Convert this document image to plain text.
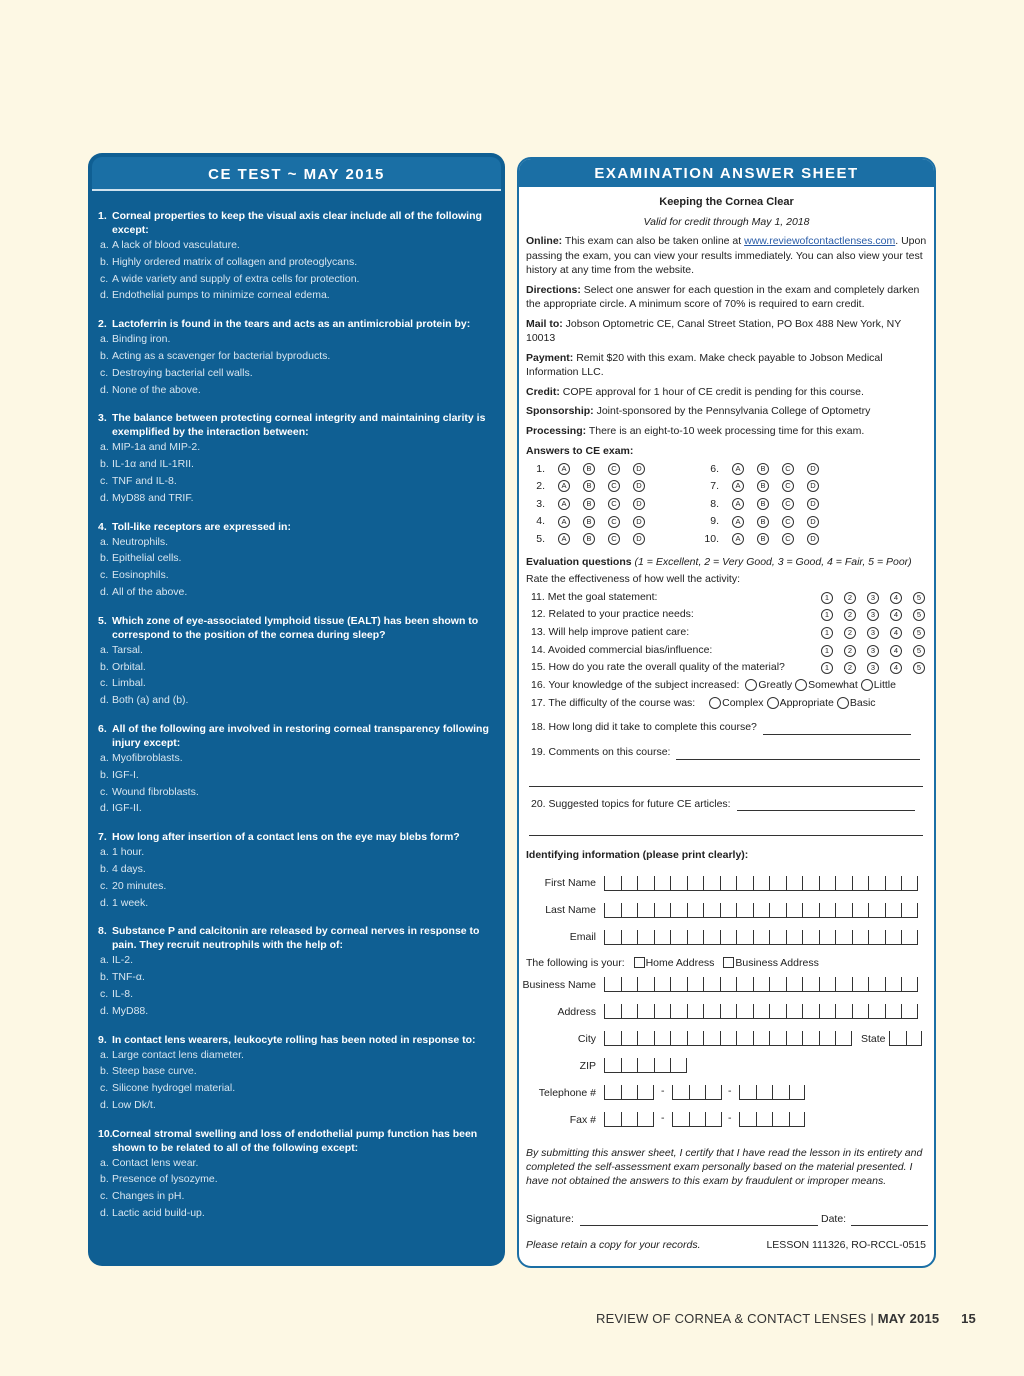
CE TEST ~ MAY 2015
1. Corneal properties to keep the visual axis clear include all of the following except:
a. A lack of blood vasculature.
b. Highly ordered matrix of collagen and proteoglycans.
c. A wide variety and supply of extra cells for protection.
d. Endothelial pumps to minimize corneal edema.
2. Lactoferrin is found in the tears and acts as an antimicrobial protein by:
a. Binding iron.
b. Acting as a scavenger for bacterial byproducts.
c. Destroying bacterial cell walls.
d. None of the above.
3. The balance between protecting corneal integrity and maintaining clarity is exemplified by the interaction between:
a. MIP-1a and MIP-2.
b. IL-1α and IL-1RII.
c. TNF and IL-8.
d. MyD88 and TRIF.
4. Toll-like receptors are expressed in:
a. Neutrophils.
b. Epithelial cells.
c. Eosinophils.
d. All of the above.
5. Which zone of eye-associated lymphoid tissue (EALT) has been shown to correspond to the position of the cornea during sleep?
a. Tarsal.
b. Orbital.
c. Limbal.
d. Both (a) and (b).
6. All of the following are involved in restoring corneal transparency following injury except:
a. Myofibroblasts.
b. IGF-I.
c. Wound fibroblasts.
d. IGF-II.
7. How long after insertion of a contact lens on the eye may blebs form?
a. 1 hour.
b. 4 days.
c. 20 minutes.
d. 1 week.
8. Substance P and calcitonin are released by corneal nerves in response to pain. They recruit neutrophils with the help of:
a. IL-2.
b. TNF-α.
c. IL-8.
d. MyD88.
9. In contact lens wearers, leukocyte rolling has been noted in response to:
a. Large contact lens diameter.
b. Steep base curve.
c. Silicone hydrogel material.
d. Low Dk/t.
10.Corneal stromal swelling and loss of endothelial pump function has been shown to be related to all of the following except:
a. Contact lens wear.
b. Presence of lysozyme.
c. Changes in pH.
d. Lactic acid build-up.
EXAMINATION ANSWER SHEET
Keeping the Cornea Clear
Valid for credit through May 1, 2018
Online: This exam can also be taken online at www.reviewofcontactlenses.com. Upon passing the exam, you can view your results immediately. You can also view your test history at any time from the website.
Directions: Select one answer for each question in the exam and completely darken the appropriate circle. A minimum score of 70% is required to earn credit.
Mail to: Jobson Optometric CE, Canal Street Station, PO Box 488 New York, NY 10013
Payment: Remit $20 with this exam. Make check payable to Jobson Medical Information LLC.
Credit: COPE approval for 1 hour of CE credit is pending for this course.
Sponsorship: Joint-sponsored by the Pennsylvania College of Optometry
Processing: There is an eight-to-10 week processing time for this exam.
Answers to CE exam:
1. A	B	C	D
2. A	B	C	D
3. A	B	C	D
4. A	B	C	D
5. A	B	C	D
6. A	B	C	D
7. A	B	C	D
8. A	B	C	D
9. A	B	C	D
10. A	B	C	D
Evaluation questions (1 = Excellent, 2 = Very Good, 3 = Good, 4 = Fair, 5 = Poor)
Rate the effectiveness of how well the activity:
11. Met the goal statement:	1	2	3	4	5
12. Related to your practice needs:	1	2	3	4	5
13. Will help improve patient care:	1	2	3	4	5
14. Avoided commercial bias/influence:	1	2	3	4	5
15. How do you rate the overall quality of the material?	1	2	3	4	5
16. Your knowledge of the subject increased: Greatly Somewhat Little
17. The difficulty of the course was:	Complex Appropriate Basic
18. How long did it take to complete this course?
19. Comments on this course:
20. Suggested topics for future CE articles:
Identifying information (please print clearly):
First Name
Last Name
Email
The following is your: Home Address Business Address
Business Name
Address
City	State
ZIP
Telephone #	-	-
Fax #	-	-
By submitting this answer sheet, I certify that I have read the lesson in its entirety and completed the self-assessment exam personally based on the material presented. I have not obtained the answers to this exam by fraudulent or improper means.
Signature:	Date:
Please retain a copy for your records.	LESSON 111326, RO-RCCL-0515
REVIEW OF CORNEA & CONTACT LENSES | MAY 2015 15
